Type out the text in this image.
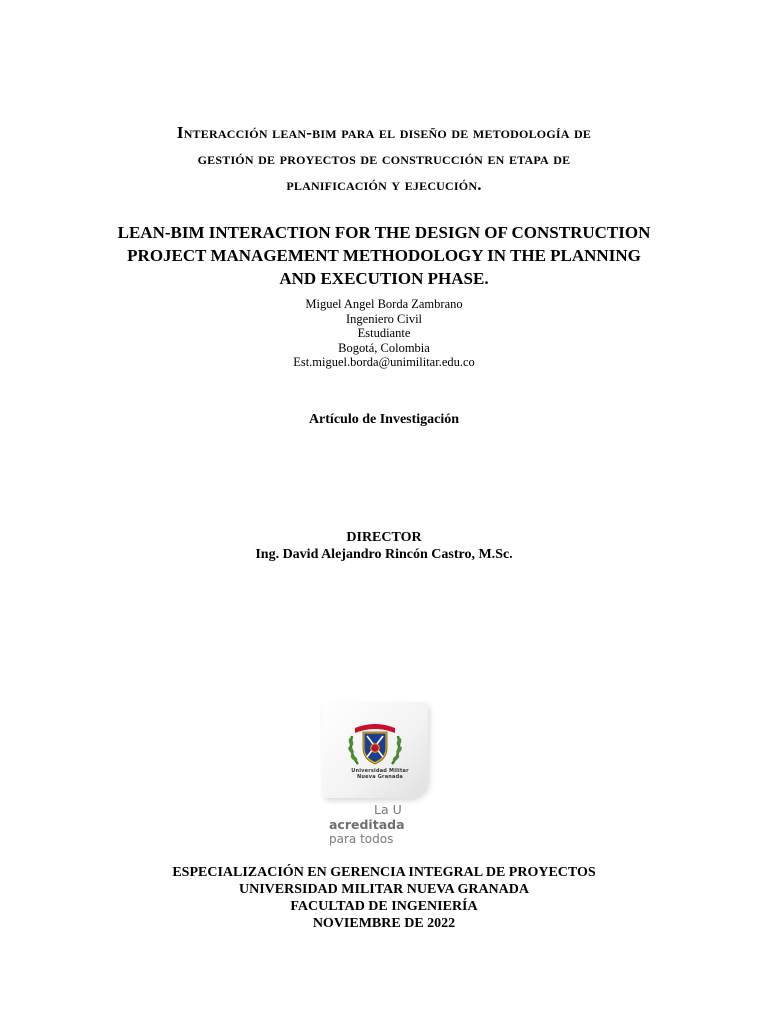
Interacción lean-bim para el diseño de metodología de
gestión de proyectos de construcción en etapa de
planificación y ejecución.
LEAN-BIM INTERACTION FOR THE DESIGN OF CONSTRUCTION
PROJECT MANAGEMENT METHODOLOGY IN THE PLANNING
AND EXECUTION PHASE.
Miguel Angel Borda Zambrano
Ingeniero Civil
Estudiante
Bogotá, Colombia
Est.miguel.borda@unimilitar.edu.co
Artículo de Investigación
DIRECTOR
Ing. David Alejandro Rincón Castro, M.Sc.
Universidad Militar
Nueva Granada
La U
acreditada
para todos
ESPECIALIZACIÓN EN GERENCIA INTEGRAL DE PROYECTOS
UNIVERSIDAD MILITAR NUEVA GRANADA
FACULTAD DE INGENIERÍA
NOVIEMBRE DE 2022
